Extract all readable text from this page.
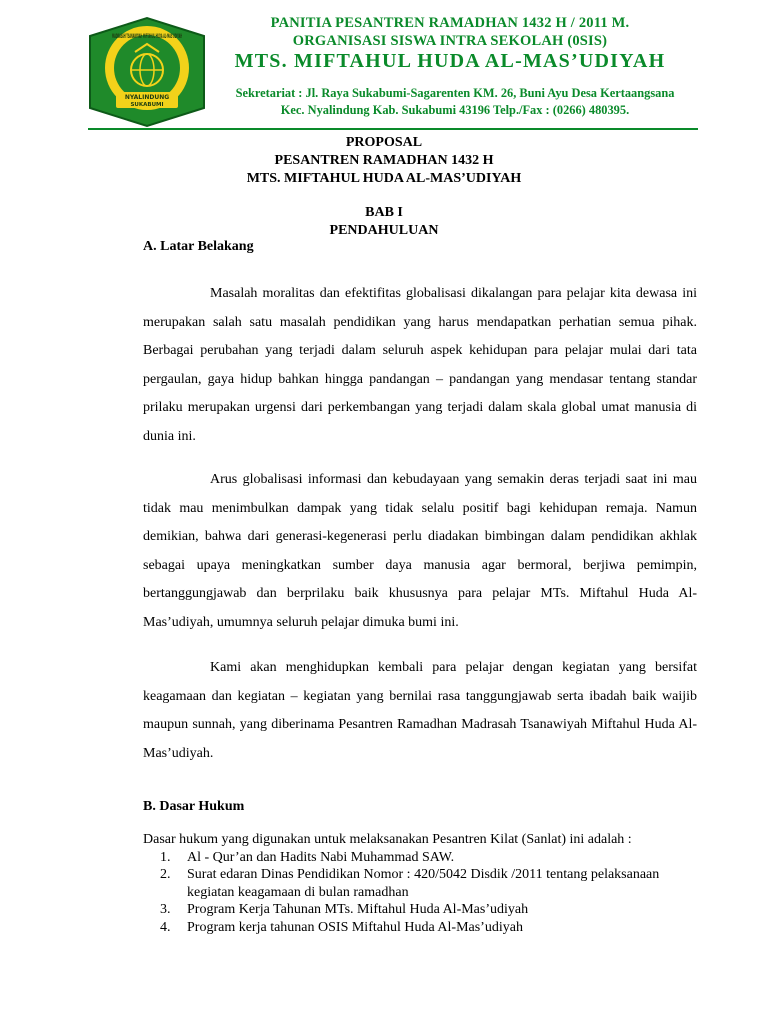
MADRASAH TSANAWIYAH MIFTAHUL HUDA AL-MAS'UDIYAH
NYALINDUNG
SUKABUMI
PANITIA PESANTREN RAMADHAN 1432 H / 2011 M.
ORGANISASI SISWA INTRA SEKOLAH (0SIS)
MTS. MIFTAHUL HUDA AL-MAS’UDIYAH
Sekretariat : Jl. Raya Sukabumi-Sagarenten KM. 26, Buni Ayu Desa Kertaangsana
Kec. Nyalindung Kab. Sukabumi 43196 Telp./Fax : (0266) 480395.
PROPOSAL
PESANTREN RAMADHAN 1432 H
MTS. MIFTAHUL HUDA AL-MAS’UDIYAH
BAB I
PENDAHULUAN
A. Latar Belakang

Masalah moralitas dan efektifitas globalisasi dikalangan para pelajar kita dewasa ini merupakan salah satu masalah pendidikan yang harus mendapatkan perhatian semua pihak. Berbagai perubahan yang terjadi dalam seluruh aspek kehidupan para pelajar mulai dari tata pergaulan, gaya hidup bahkan hingga pandangan – pandangan yang mendasar tentang standar prilaku merupakan urgensi dari perkembangan yang terjadi dalam skala global umat manusia di dunia ini.

Arus globalisasi informasi dan kebudayaan yang semakin deras terjadi saat ini mau tidak mau menimbulkan dampak yang tidak selalu positif bagi kehidupan remaja. Namun demikian, bahwa dari generasi-kegenerasi perlu diadakan bimbingan dalam pendidikan akhlak sebagai upaya meningkatkan sumber daya manusia agar bermoral, berjiwa pemimpin, bertanggungjawab dan berprilaku baik khususnya para pelajar MTs. Miftahul Huda Al-Mas’udiyah, umumnya seluruh pelajar dimuka bumi ini.

Kami akan menghidupkan kembali para pelajar dengan kegiatan yang bersifat keagamaan dan kegiatan – kegiatan yang bernilai rasa tanggungjawab serta ibadah baik waijib maupun sunnah, yang diberinama Pesantren Ramadhan Madrasah Tsanawiyah Miftahul Huda Al-Mas’udiyah.

B. Dasar Hukum
Dasar hukum yang digunakan untuk melaksanakan Pesantren Kilat (Sanlat) ini adalah :
1. Al - Qur’an dan Hadits Nabi Muhammad SAW.
2. Surat edaran Dinas Pendidikan Nomor : 420/5042 Disdik /2011 tentang pelaksanaan kegiatan keagamaan di bulan ramadhan
3. Program Kerja Tahunan MTs. Miftahul Huda Al-Mas’udiyah
4. Program kerja tahunan OSIS Miftahul Huda Al-Mas’udiyah
